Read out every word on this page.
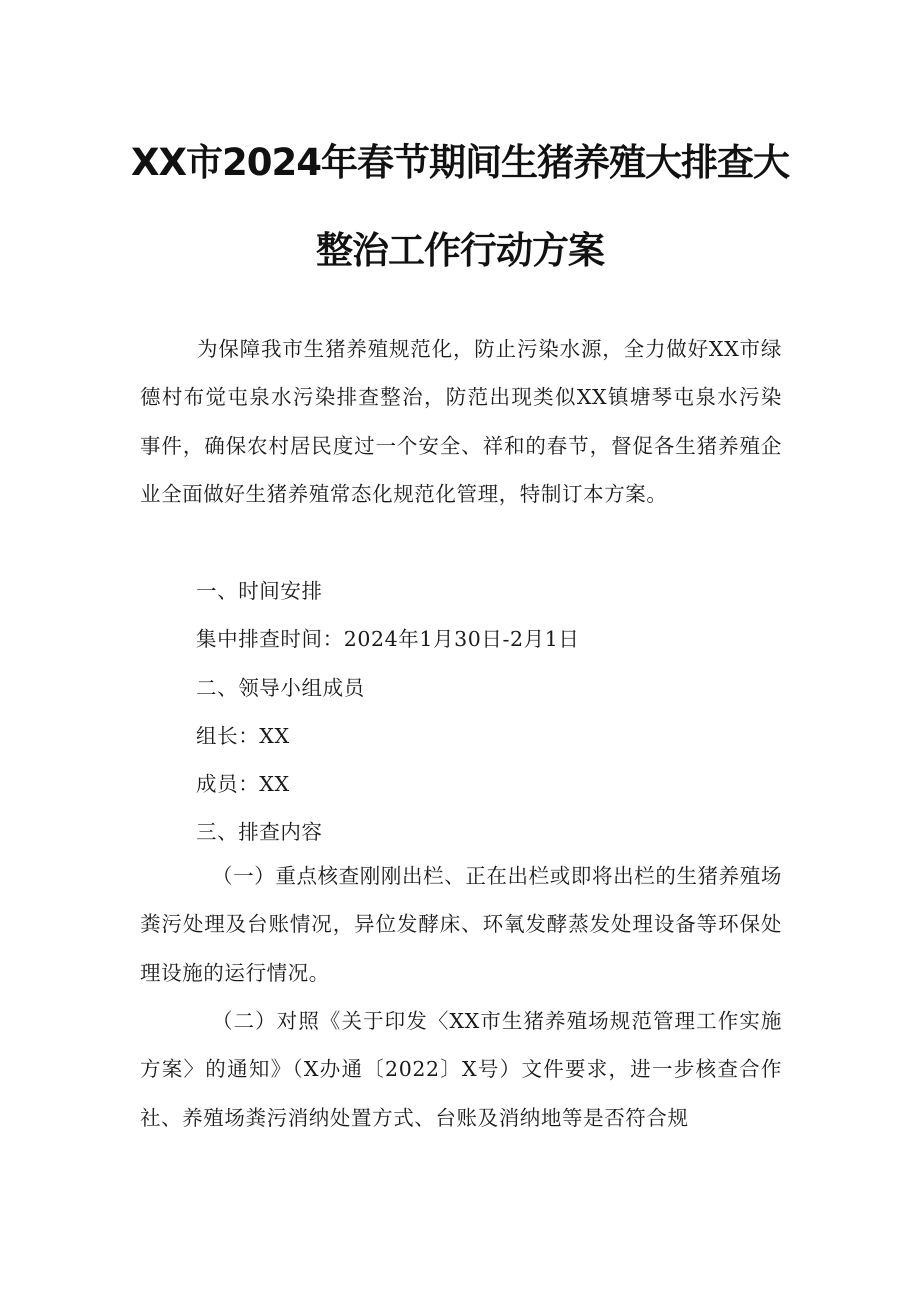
XX市2024年春节期间生猪养殖大排查大
整治工作行动方案
为保障我市生猪养殖规范化，防止污染水源，全力做好XX市绿德村布觉屯泉水污染排查整治，防范出现类似XX镇塘琴屯泉水污染事件，确保农村居民度过一个安全、祥和的春节，督促各生猪养殖企业全面做好生猪养殖常态化规范化管理，特制订本方案。
一、时间安排
集中排查时间：2024年1月30日-2月1日
二、领导小组成员
组长：XX
成员：XX
三、排查内容
（一）重点核查刚刚出栏、正在出栏或即将出栏的生猪养殖场粪污处理及台账情况，异位发酵床、环氧发酵蒸发处理设备等环保处理设施的运行情况。
（二）对照《关于印发〈XX市生猪养殖场规范管理工作实施方案〉的通知》（X办通〔2022〕X号）文件要求，进一步核查合作社、养殖场粪污消纳处置方式、台账及消纳地等是否符合规
